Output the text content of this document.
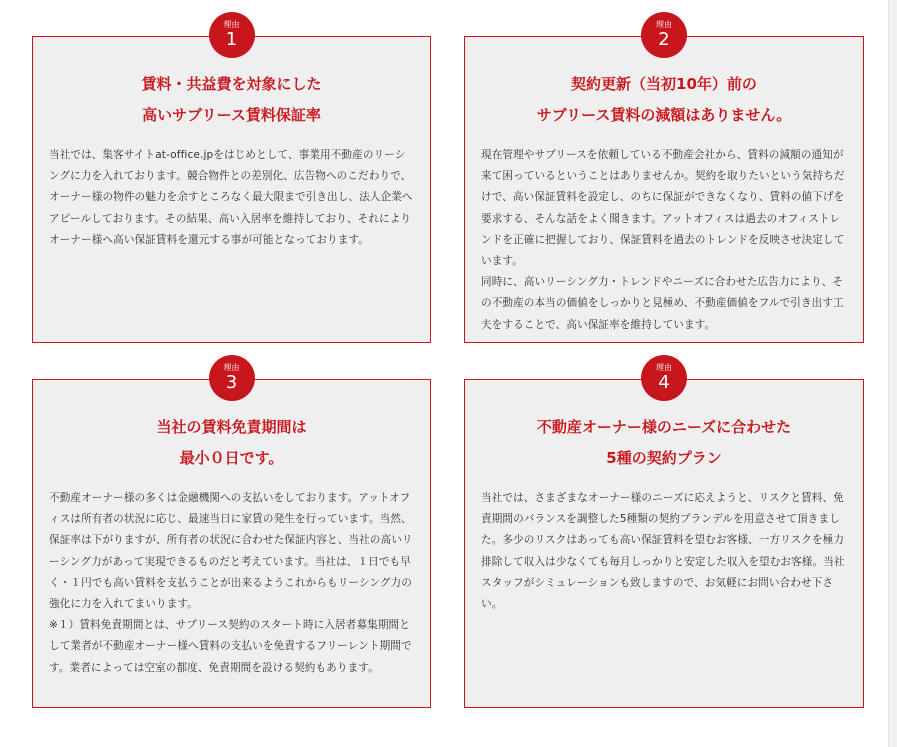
理由
1
賃料・共益費を対象にした
高いサブリース賃料保証率

当社では、集客サイトat-office.jpをはじめとして、事業用不動産のリーシングに力を入れております。競合物件との差別化、広告物へのこだわりで、オーナー様の物件の魅力を余すところなく最大限まで引き出し、法人企業へアピールしております。その結果、高い入居率を維持しており、それによりオーナー様へ高い保証賃料を還元する事が可能となっております。

理由
2
契約更新（当初10年）前の
サブリース賃料の減額はありません。

現在管理やサブリースを依頼している不動産会社から、賃料の減額の通知が来て困っているということはありませんか。契約を取りたいという気持ちだけで、高い保証賃料を設定し、のちに保証ができなくなり、賃料の値下げを要求する、そんな話をよく聞きます。アットオフィスは過去のオフィストレンドを正確に把握しており、保証賃料を過去のトレンドを反映させ決定しています。

同時に、高いリーシング力・トレンドやニーズに合わせた広告力により、その不動産の本当の価値をしっかりと見極め、不動産価値をフルで引き出す工夫をすることで、高い保証率を維持しています。

理由
3
当社の賃料免責期間は
最小０日です。

不動産オーナー様の多くは金融機関への支払いをしております。アットオフィスは所有者の状況に応じ、最速当日に家賃の発生を行っています。当然、保証率は下がりますが、所有者の状況に合わせた保証内容と、当社の高いリーシング力があって実現できるものだと考えています。当社は、１日でも早く・１円でも高い賃料を支払うことが出来るようこれからもリーシング力の強化に力を入れてまいります。

※１）賃料免責期間とは、サブリース契約のスタート時に入居者募集期間として業者が不動産オーナー様へ賃料の支払いを免責するフリーレント期間です。業者によっては空室の都度、免責期間を設ける契約もあります。

理由
4
不動産オーナー様のニーズに合わせた
5種の契約プラン

当社では、さまざまなオーナー様のニーズに応えようと、リスクと賃料、免責期間のバランスを調整した5種類の契約プランデルを用意させて頂きました。多少のリスクはあっても高い保証賃料を望むお客様、一方リスクを極力排除して収入は少なくても毎月しっかりと安定した収入を望むお客様。当社スタッフがシミュレーションも致しますので、お気軽にお問い合わせ下さい。
